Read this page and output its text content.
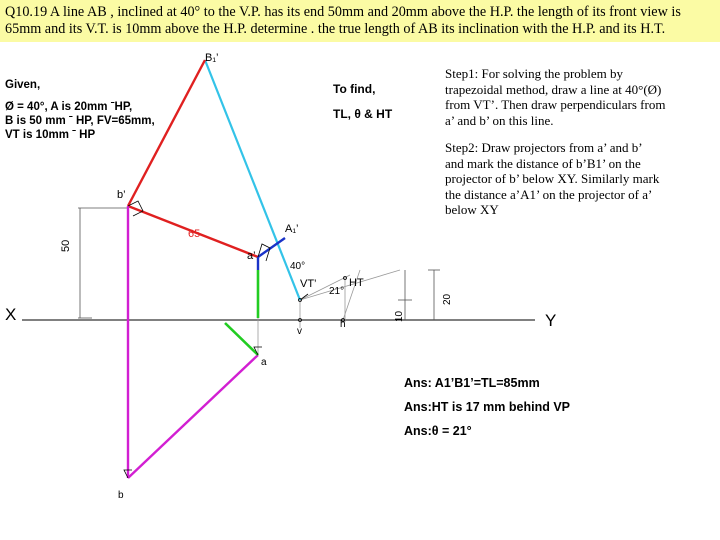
Q10.19 A line AB , inclined at 40° to the V.P. has its end 50mm and 20mm above the H.P. the length of its front view is
65mm and its V.T. is 10mm above the H.P. determine . the true length of AB its inclination with the H.P. and its H.T.
Given,
Ø = 40°, A is 20mm ˉHP,
B is 50 mm ˉ HP, FV=65mm,
VT is 10mm ˉ HP
To find,
TL, θ & HT
Step1: For solving the problem by
trapezoidal method, draw a line at 40°(Ø)
from VT’. Then draw perpendiculars from
a’ and b’ on this line.
Step2: Draw projectors from a’ and b’
and mark the distance of b’B1’ on the
projector of b’ below XY. Similarly mark
the distance a’A1’ on the projector of a’
below XY
B₁’
A₁’
b’
a’
65
50
10
20
40°
21°
VT’	HT
v
h
a
b
X	Y
Ans: A1’B1’=TL=85mm
Ans:HT is 17 mm behind VP
Ans:θ = 21°
